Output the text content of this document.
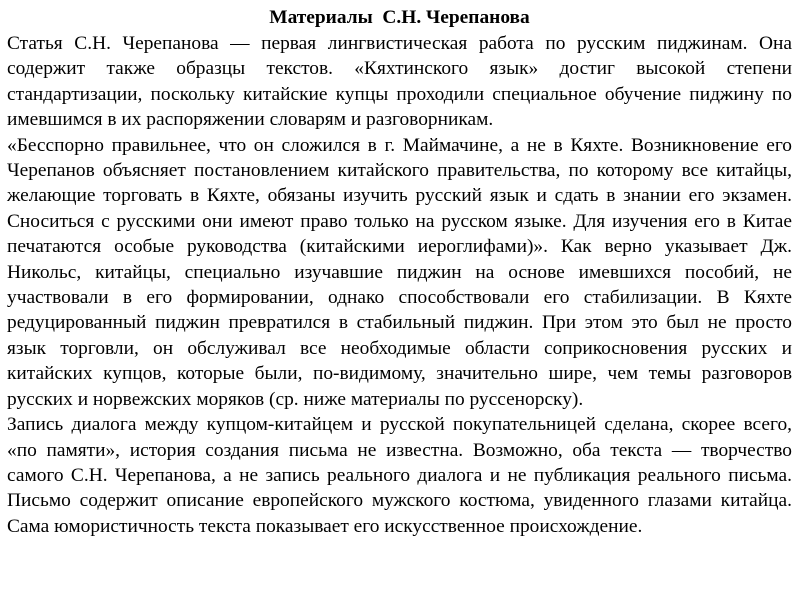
Материалы  С.Н. Черепанова

Статья С.Н. Черепанова — первая лингвистическая работа по русским пиджинам. Она содержит также образцы текстов. «Кяхтинского язык» достиг высокой степени стандартизации, поскольку китайские купцы проходили специальное обучение пиджину по имевшимся в их распоряжении словарям и разговорникам.

«Бесспорно правильнее, что он сложился в г. Маймачине, а не в Кяхте. Возникновение его Черепанов объясняет постановлением китайского правительства, по которому все китайцы, желающие торговать в Кяхте, обязаны изучить русский язык и сдать в знании его экзамен. Сноситься с русскими они имеют право только на русском языке. Для изучения его в Китае печатаются особые руководства (китайскими иероглифами)». Как верно указывает Дж. Никольс, китайцы, специально изучавшие пиджин на основе имевшихся пособий, не участвовали в его формировании, однако способствовали его стабилизации. В Кяхте редуцированный пиджин превратился в стабильный пиджин. При этом это был не просто язык торговли, он обслуживал все необходимые области соприкосновения русских и китайских купцов, которые были, по-видимому, значительно шире, чем темы разговоров русских и норвежских моряков (ср. ниже материалы по руссенорску).

Запись диалога между купцом-китайцем и русской покупательницей сделана, скорее всего, «по памяти», история создания письма не известна. Возможно, оба текста — творчество самого С.Н. Черепанова, а не запись реального диалога и не публикация реального письма. Письмо содержит описание европейского мужского костюма, увиденного глазами китайца. Сама юмористичность текста показывает его искусственное происхождение.
